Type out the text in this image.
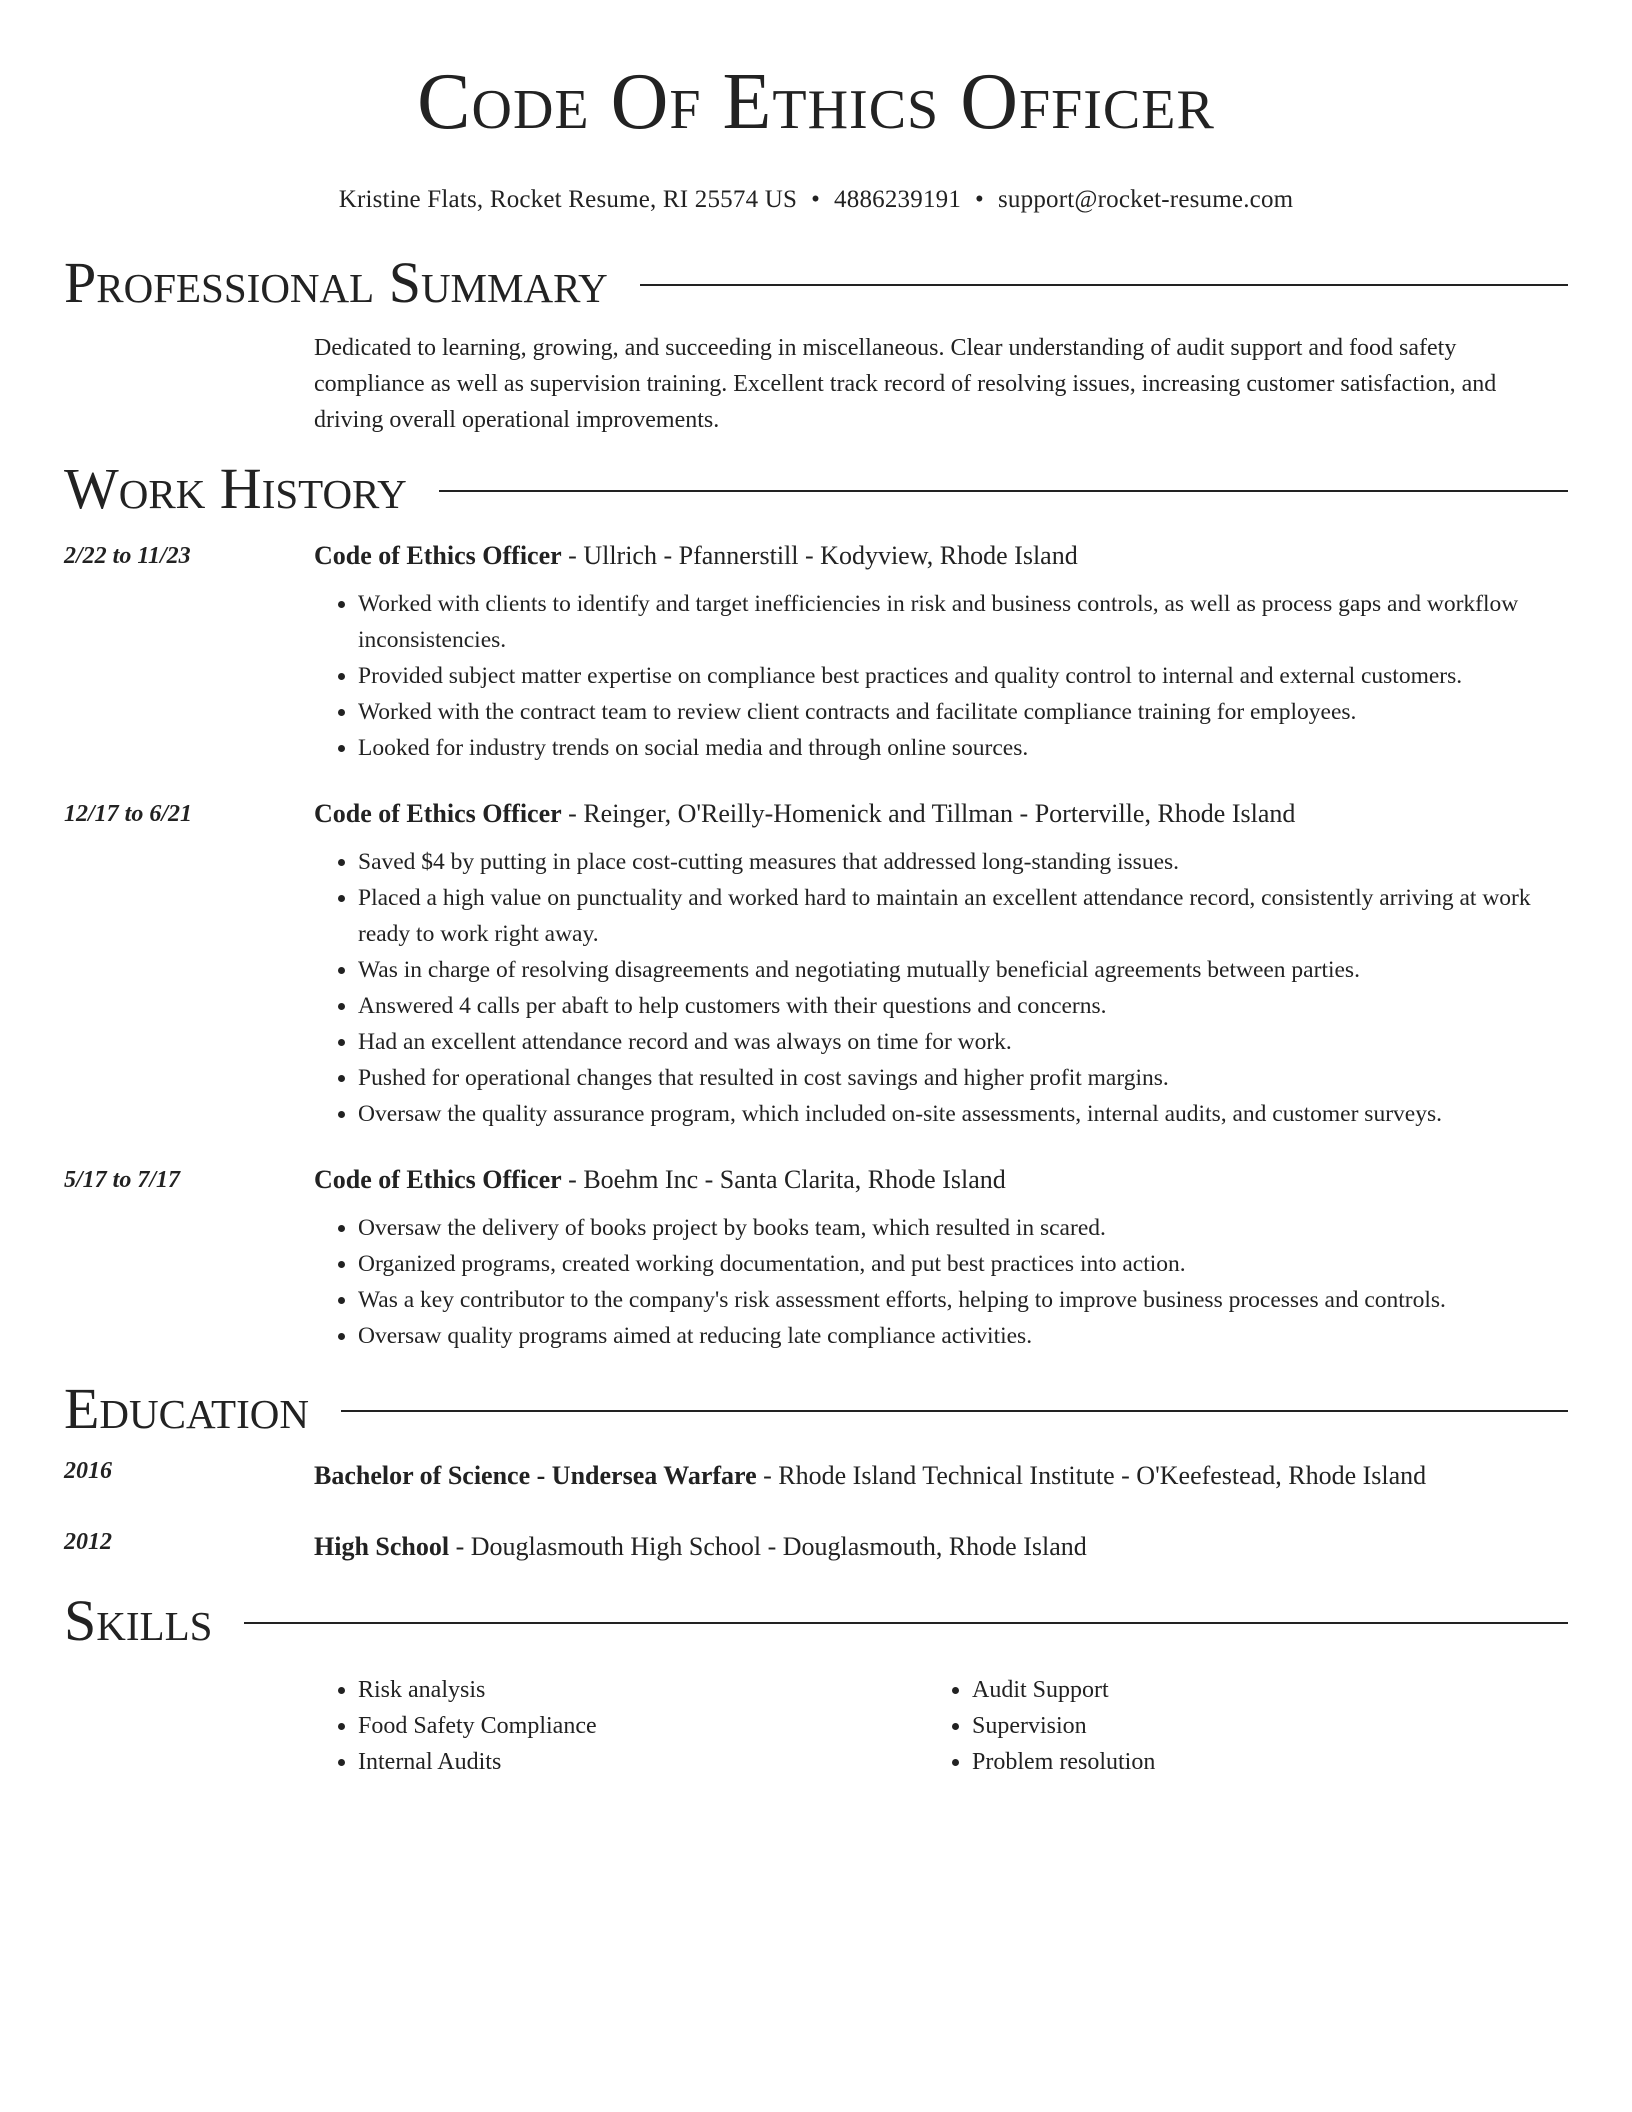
Code Of Ethics Officer
Kristine Flats, Rocket Resume, RI 25574 US • 4886239191 • support@rocket-resume.com
Professional Summary
Dedicated to learning, growing, and succeeding in miscellaneous. Clear understanding of audit support and food safety compliance as well as supervision training. Excellent track record of resolving issues, increasing customer satisfaction, and driving overall operational improvements.
Work History
2/22 to 11/23	Code of Ethics Officer - Ullrich - Pfannerstill - Kodyview, Rhode Island
• Worked with clients to identify and target inefficiencies in risk and business controls, as well as process gaps and workflow inconsistencies.
• Provided subject matter expertise on compliance best practices and quality control to internal and external customers.
• Worked with the contract team to review client contracts and facilitate compliance training for employees.
• Looked for industry trends on social media and through online sources.
12/17 to 6/21	Code of Ethics Officer - Reinger, O'Reilly-Homenick and Tillman - Porterville, Rhode Island
• Saved $4 by putting in place cost-cutting measures that addressed long-standing issues.
• Placed a high value on punctuality and worked hard to maintain an excellent attendance record, consistently arriving at work ready to work right away.
• Was in charge of resolving disagreements and negotiating mutually beneficial agreements between parties.
• Answered 4 calls per abaft to help customers with their questions and concerns.
• Had an excellent attendance record and was always on time for work.
• Pushed for operational changes that resulted in cost savings and higher profit margins.
• Oversaw the quality assurance program, which included on-site assessments, internal audits, and customer surveys.
5/17 to 7/17	Code of Ethics Officer - Boehm Inc - Santa Clarita, Rhode Island
• Oversaw the delivery of books project by books team, which resulted in scared.
• Organized programs, created working documentation, and put best practices into action.
• Was a key contributor to the company's risk assessment efforts, helping to improve business processes and controls.
• Oversaw quality programs aimed at reducing late compliance activities.
Education
2016	Bachelor of Science - Undersea Warfare - Rhode Island Technical Institute - O'Keefestead, Rhode Island
2012	High School - Douglasmouth High School - Douglasmouth, Rhode Island
Skills
• Risk analysis
• Food Safety Compliance
• Internal Audits
• Audit Support
• Supervision
• Problem resolution
